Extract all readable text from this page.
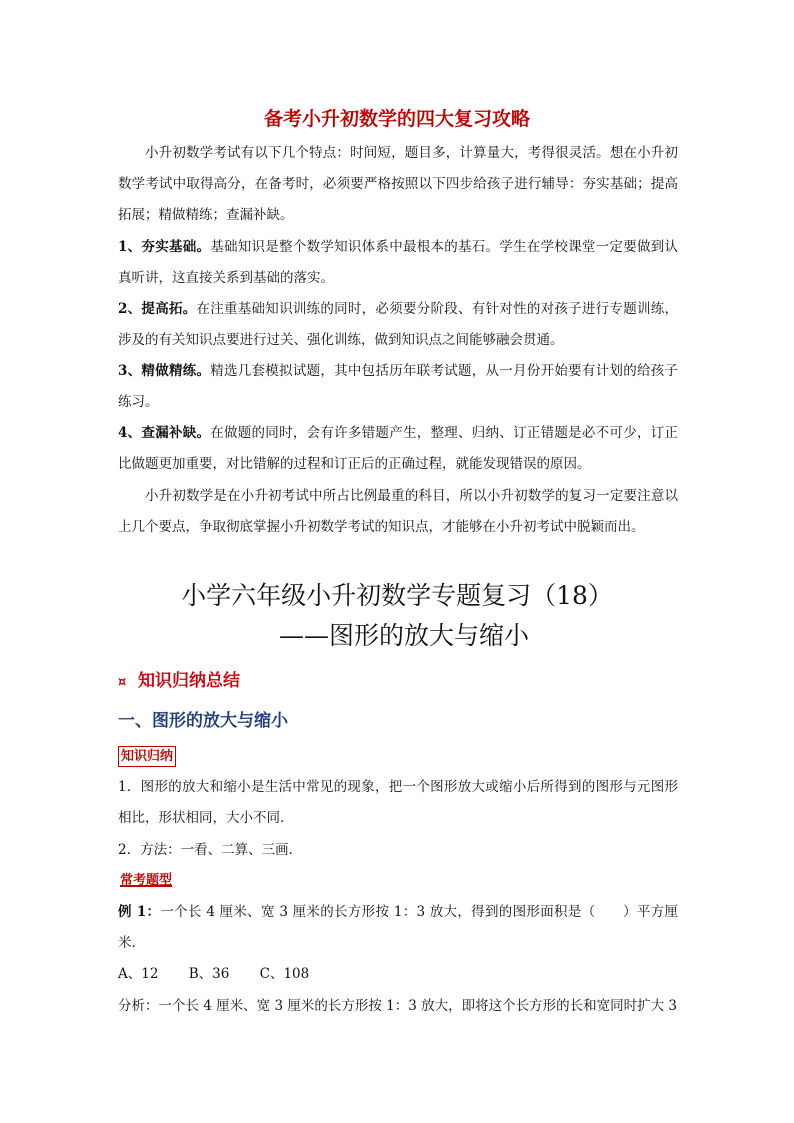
备考小升初数学的四大复习攻略

小升初数学考试有以下几个特点：时间短，题目多，计算量大，考得很灵活。想在小升初数学考试中取得高分，在备考时，必须要严格按照以下四步给孩子进行辅导：夯实基础；提高拓展；精做精练；查漏补缺。

1、夯实基础。基础知识是整个数学知识体系中最根本的基石。学生在学校课堂一定要做到认真听讲，这直接关系到基础的落实。

2、提高拓。在注重基础知识训练的同时，必须要分阶段、有针对性的对孩子进行专题训练，涉及的有关知识点要进行过关、强化训练，做到知识点之间能够融会贯通。

3、精做精练。精选几套模拟试题，其中包括历年联考试题，从一月份开始要有计划的给孩子练习。

4、查漏补缺。在做题的同时，会有许多错题产生，整理、归纳、订正错题是必不可少，订正比做题更加重要，对比错解的过程和订正后的正确过程，就能发现错误的原因。

小升初数学是在小升初考试中所占比例最重的科目，所以小升初数学的复习一定要注意以上几个要点，争取彻底掌握小升初数学考试的知识点，才能够在小升初考试中脱颖而出。

小学六年级小升初数学专题复习（18）
——图形的放大与缩小
¤ 知识归纳总结
一、图形的放大与缩小
知识归纳

1．图形的放大和缩小是生活中常见的现象，把一个图形放大或缩小后所得到的图形与元图形相比，形状相同，大小不同．

2．方法：一看、二算、三画．

常考题型

例 1：一个长 4 厘米、宽 3 厘米的长方形按 1：3 放大，得到的图形面积是（　　）平方厘米．

A、12 B、36 C、108

分析：一个长 4 厘米、宽 3 厘米的长方形按 1：3 放大，即将这个长方形的长和宽同时扩大 3
